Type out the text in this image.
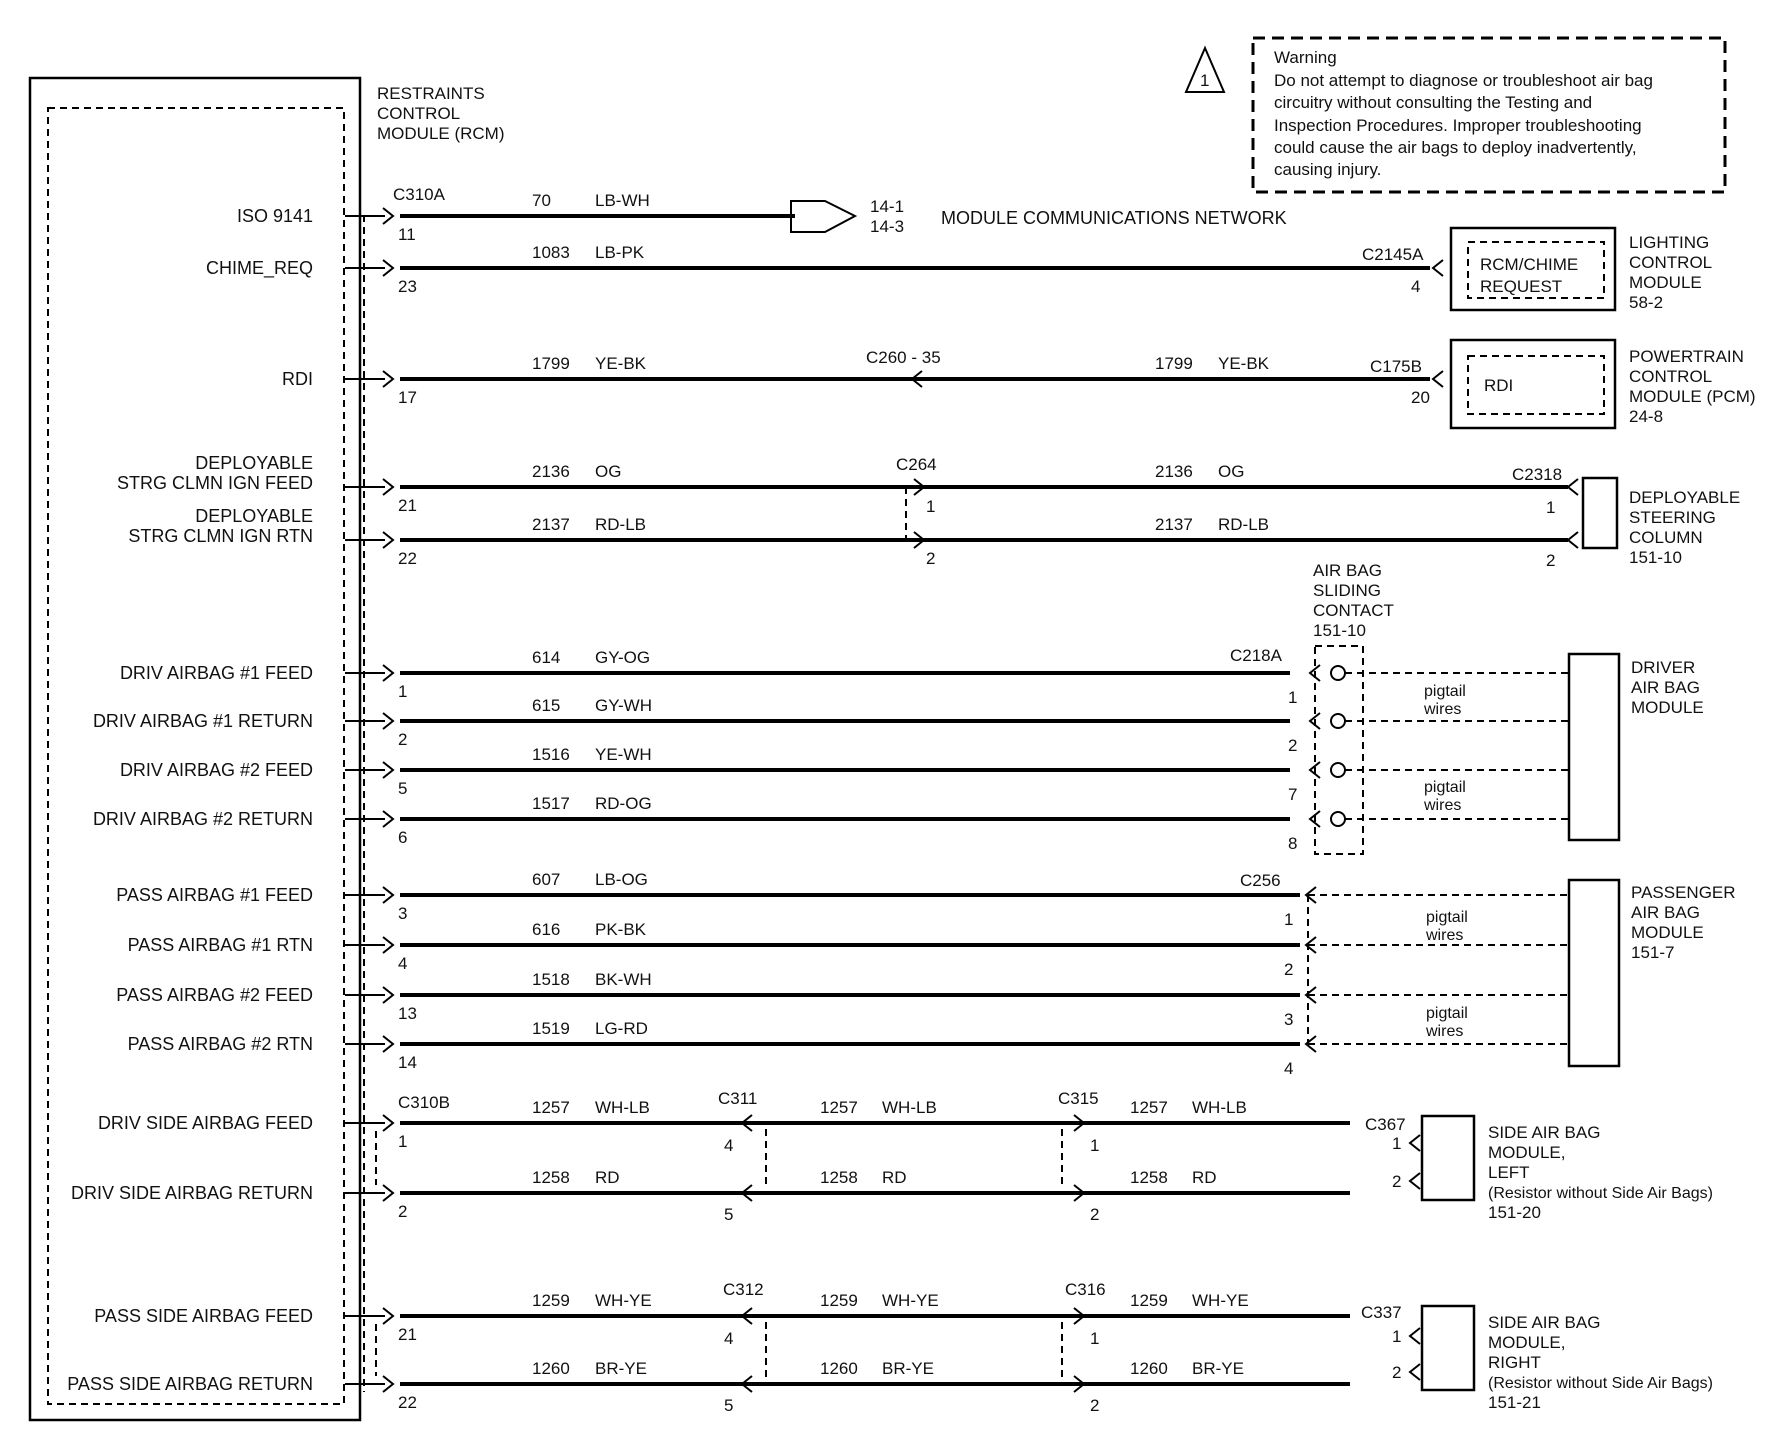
1
Warning
Do not attempt to diagnose or troubleshoot air bag
circuitry without consulting the Testing and
Inspection Procedures. Improper troubleshooting
could cause the air bags to deploy inadvertently,
causing injury.
RESTRAINTS
CONTROL
MODULE (RCM)
ISO 9141
CHIME_REQ
RDI
DEPLOYABLE
STRG CLMN IGN FEED
DEPLOYABLE
STRG CLMN IGN RTN
DRIV AIRBAG #1 FEED
DRIV AIRBAG #1 RETURN
DRIV AIRBAG #2 FEED
DRIV AIRBAG #2 RETURN
PASS AIRBAG #1 FEED
PASS AIRBAG #1 RTN
PASS AIRBAG #2 FEED
PASS AIRBAG #2 RTN
DRIV SIDE AIRBAG FEED
DRIV SIDE AIRBAG RETURN
PASS SIDE AIRBAG FEED
PASS SIDE AIRBAG RETURN
11
70	LB-WH
23
1083 LB-PK
17
1799 YE-BK
21
2136 OG
22
2137 RD-LB
1
614 GY-OG
2
615 GY-WH
5
1516 YE-WH
6
1517 RD-OG
3
607 LB-OG
4
616 PK-BK
13
1518 BK-WH
14
1519 LG-RD
1
1257 WH-LB
2
1258 RD
21
1259 WH-YE
22
1260 BR-YE
4
20
1
2
1
2
1799 YE-BK
2136 OG
2137 RD-LB
1
2
7
8
1
2
3
4
4
5
1
2
1
2
1257 WH-LB
1258 RD
1257 WH-LB
1258 RD
4
5
1
2
1
2
1259 WH-YE
1260 BR-YE
1259 WH-YE
1260 BR-YE
14-1
14-3 MODULE COMMUNICATIONS NETWORK
RCM/CHIME
REQUEST
LIGHTING
CONTROL
MODULE
58-2
RDI
POWERTRAIN
CONTROL
MODULE (PCM)
24-8
DEPLOYABLE
STEERING
COLUMN
151-10
AIR BAG
SLIDING
CONTACT
151-10
DRIVER
AIR BAG
MODULE
PASSENGER
AIR BAG
MODULE
151-7
pigtail
wires
pigtail
wires
pigtail
wires
pigtail
wires
SIDE AIR BAG
MODULE,
LEFT
(Resistor without Side Air Bags)
151-20
SIDE AIR BAG
MODULE,
RIGHT
(Resistor without Side Air Bags)
151-21
C310A
C310B
C260 - 35
C2145A
C175B
C264
C2318
C218A
C256
C311	C315
C367
C312	C316
C337
